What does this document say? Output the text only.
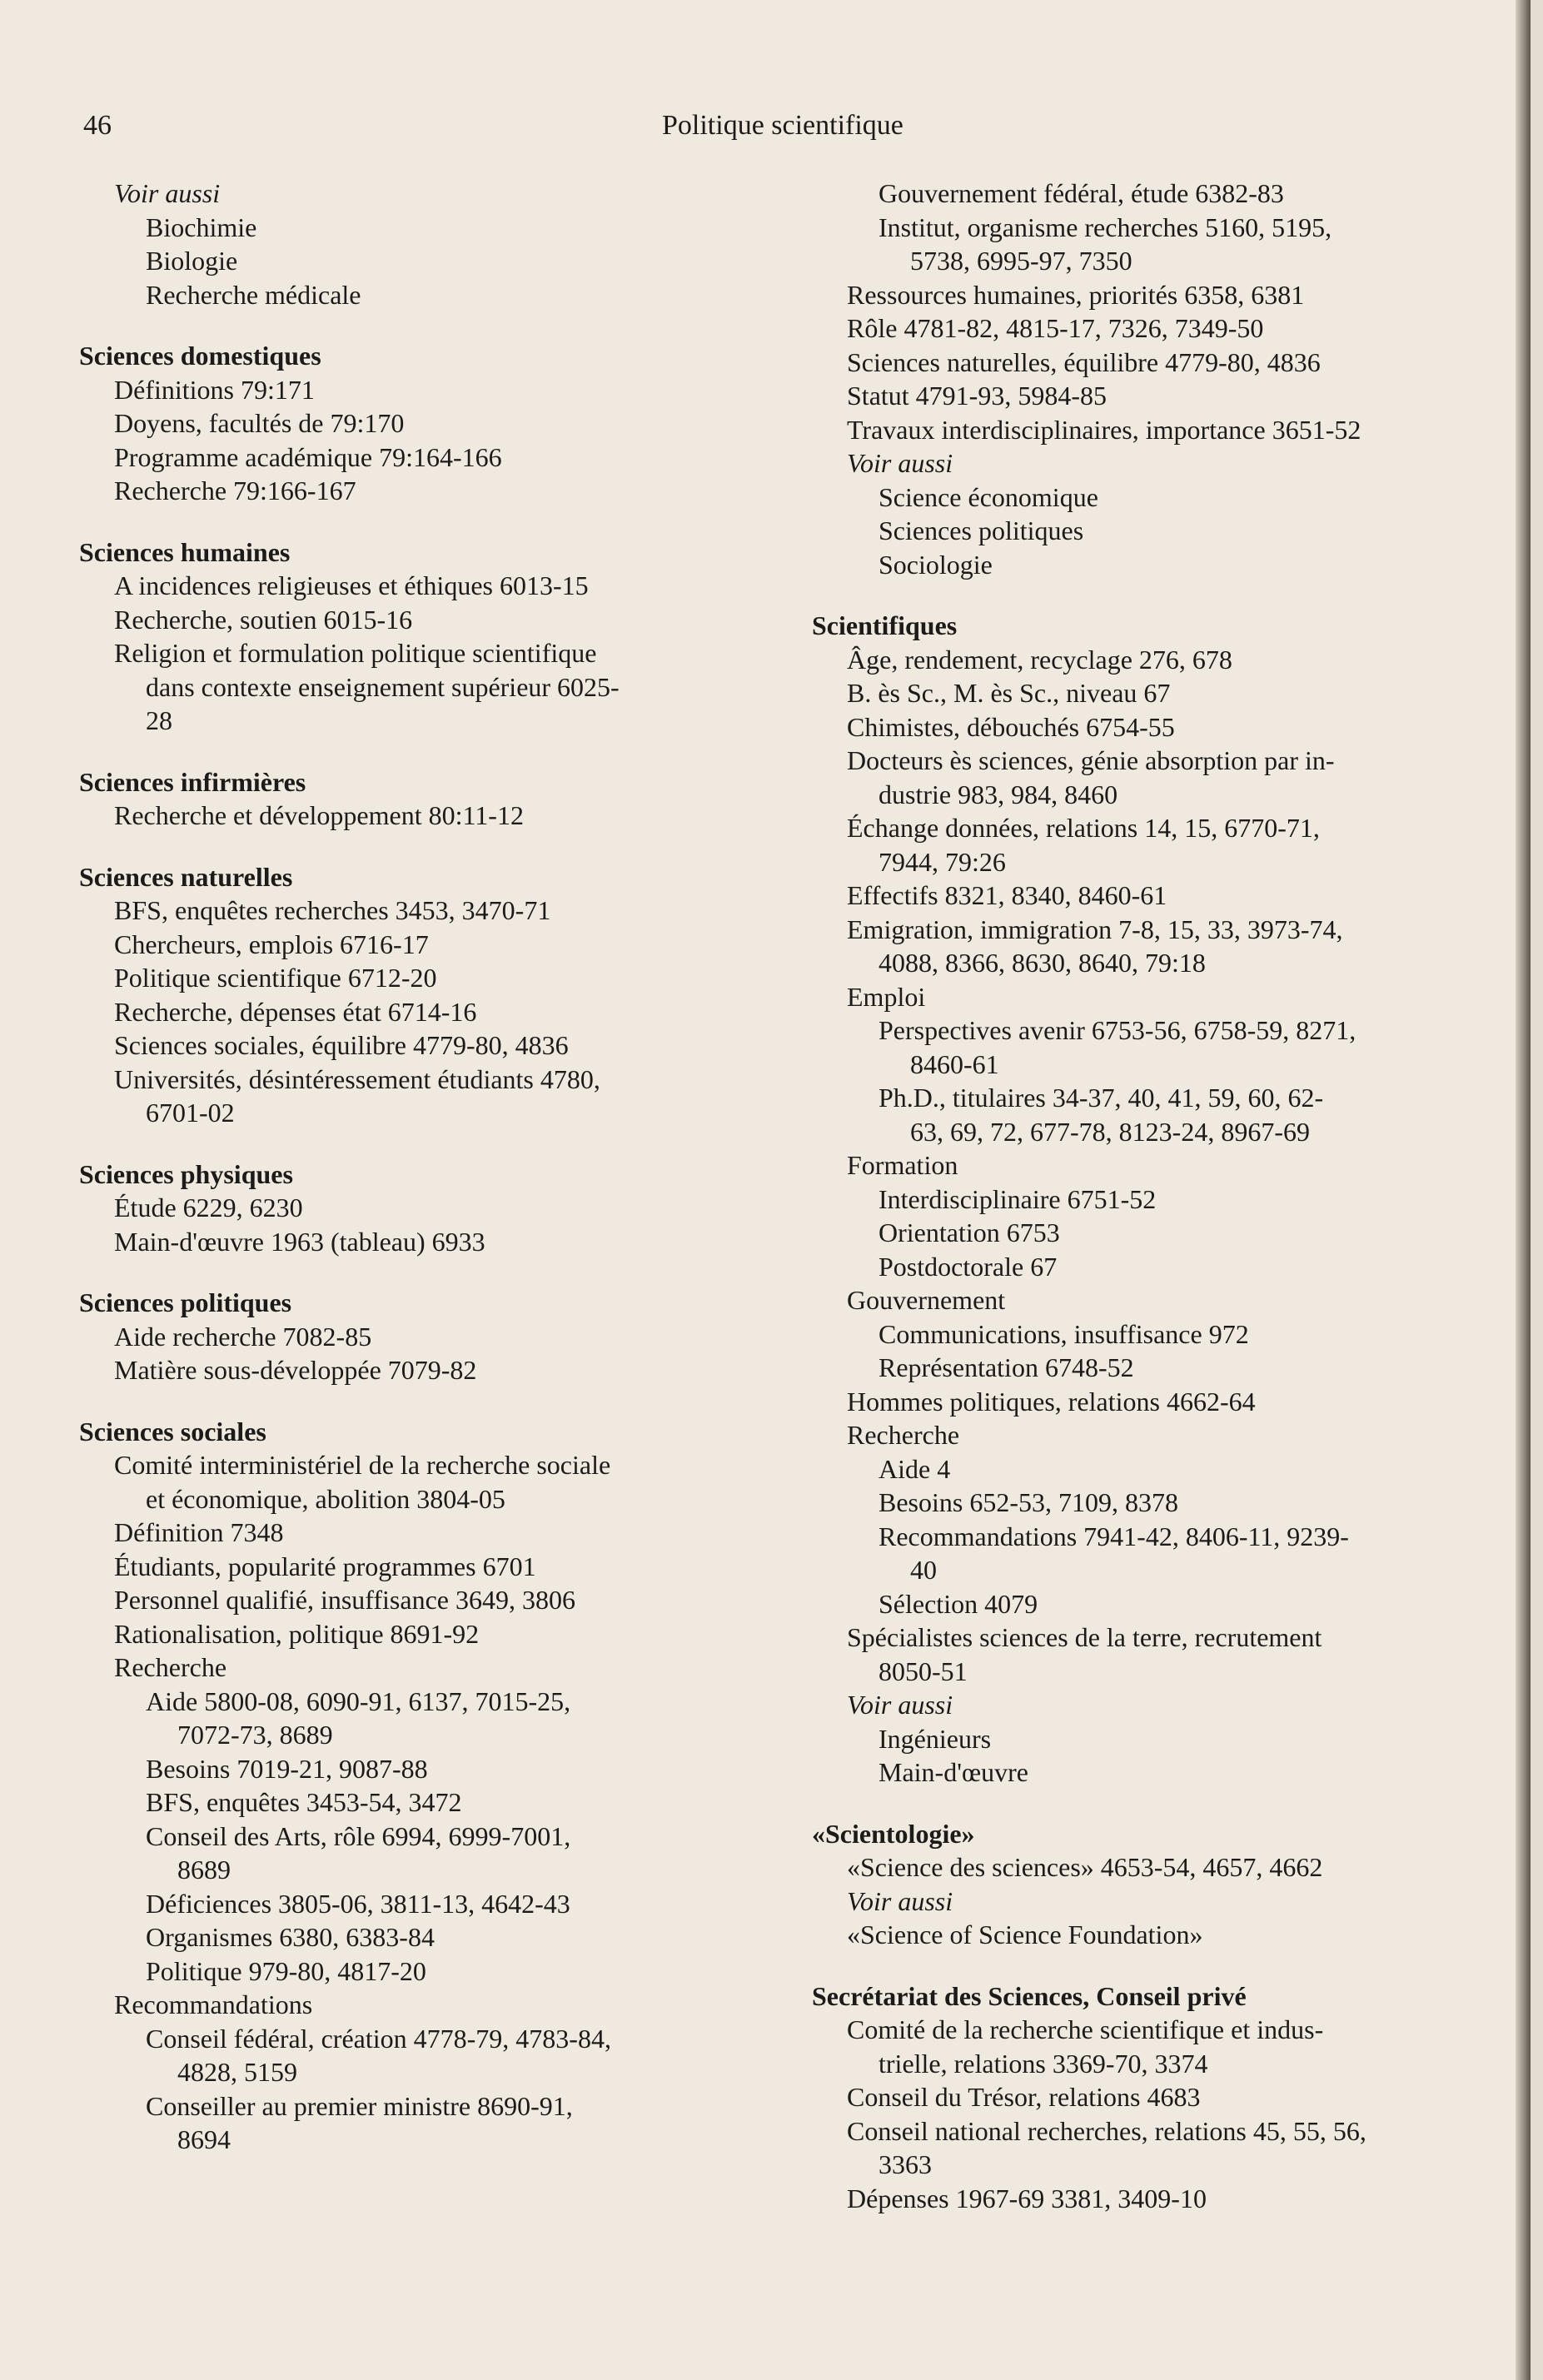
46	Politique scientifique
Voir aussi
Biochimie
Biologie
Recherche médicale
Sciences domestiques
Définitions 79:171
Doyens, facultés de 79:170
Programme académique 79:164-166
Recherche 79:166-167
Sciences humaines
A incidences religieuses et éthiques 6013-15
Recherche, soutien 6015-16
Religion et formulation politique scientifique
dans contexte enseignement supérieur 6025-
28
Sciences infirmières
Recherche et développement 80:11-12
Sciences naturelles
BFS, enquêtes recherches 3453, 3470-71
Chercheurs, emplois 6716-17
Politique scientifique 6712-20
Recherche, dépenses état 6714-16
Sciences sociales, équilibre 4779-80, 4836
Universités, désintéressement étudiants 4780,
6701-02
Sciences physiques
Étude 6229, 6230
Main-d'œuvre 1963 (tableau) 6933
Sciences politiques
Aide recherche 7082-85
Matière sous-développée 7079-82
Sciences sociales
Comité interministériel de la recherche sociale
et économique, abolition 3804-05
Définition 7348
Étudiants, popularité programmes 6701
Personnel qualifié, insuffisance 3649, 3806
Rationalisation, politique 8691-92
Recherche
Aide 5800-08, 6090-91, 6137, 7015-25,
7072-73, 8689
Besoins 7019-21, 9087-88
BFS, enquêtes 3453-54, 3472
Conseil des Arts, rôle 6994, 6999-7001,
8689
Déficiences 3805-06, 3811-13, 4642-43
Organismes 6380, 6383-84
Politique 979-80, 4817-20
Recommandations
Conseil fédéral, création 4778-79, 4783-84,
4828, 5159
Conseiller au premier ministre 8690-91,
8694
Gouvernement fédéral, étude 6382-83
Institut, organisme recherches 5160, 5195,
5738, 6995-97, 7350
Ressources humaines, priorités 6358, 6381
Rôle 4781-82, 4815-17, 7326, 7349-50
Sciences naturelles, équilibre 4779-80, 4836
Statut 4791-93, 5984-85
Travaux interdisciplinaires, importance 3651-52
Voir aussi
Science économique
Sciences politiques
Sociologie
Scientifiques
Âge, rendement, recyclage 276, 678
B. ès Sc., M. ès Sc., niveau 67
Chimistes, débouchés 6754-55
Docteurs ès sciences, génie absorption par in-
dustrie 983, 984, 8460
Échange données, relations 14, 15, 6770-71,
7944, 79:26
Effectifs 8321, 8340, 8460-61
Emigration, immigration 7-8, 15, 33, 3973-74,
4088, 8366, 8630, 8640, 79:18
Emploi
Perspectives avenir 6753-56, 6758-59, 8271,
8460-61
Ph.D., titulaires 34-37, 40, 41, 59, 60, 62-
63, 69, 72, 677-78, 8123-24, 8967-69
Formation
Interdisciplinaire 6751-52
Orientation 6753
Postdoctorale 67
Gouvernement
Communications, insuffisance 972
Représentation 6748-52
Hommes politiques, relations 4662-64
Recherche
Aide 4
Besoins 652-53, 7109, 8378
Recommandations 7941-42, 8406-11, 9239-
40
Sélection 4079
Spécialistes sciences de la terre, recrutement
8050-51
Voir aussi
Ingénieurs
Main-d'œuvre
«Scientologie»
«Science des sciences» 4653-54, 4657, 4662
Voir aussi
«Science of Science Foundation»
Secrétariat des Sciences, Conseil privé
Comité de la recherche scientifique et indus-
trielle, relations 3369-70, 3374
Conseil du Trésor, relations 4683
Conseil national recherches, relations 45, 55, 56,
3363
Dépenses 1967-69 3381, 3409-10
